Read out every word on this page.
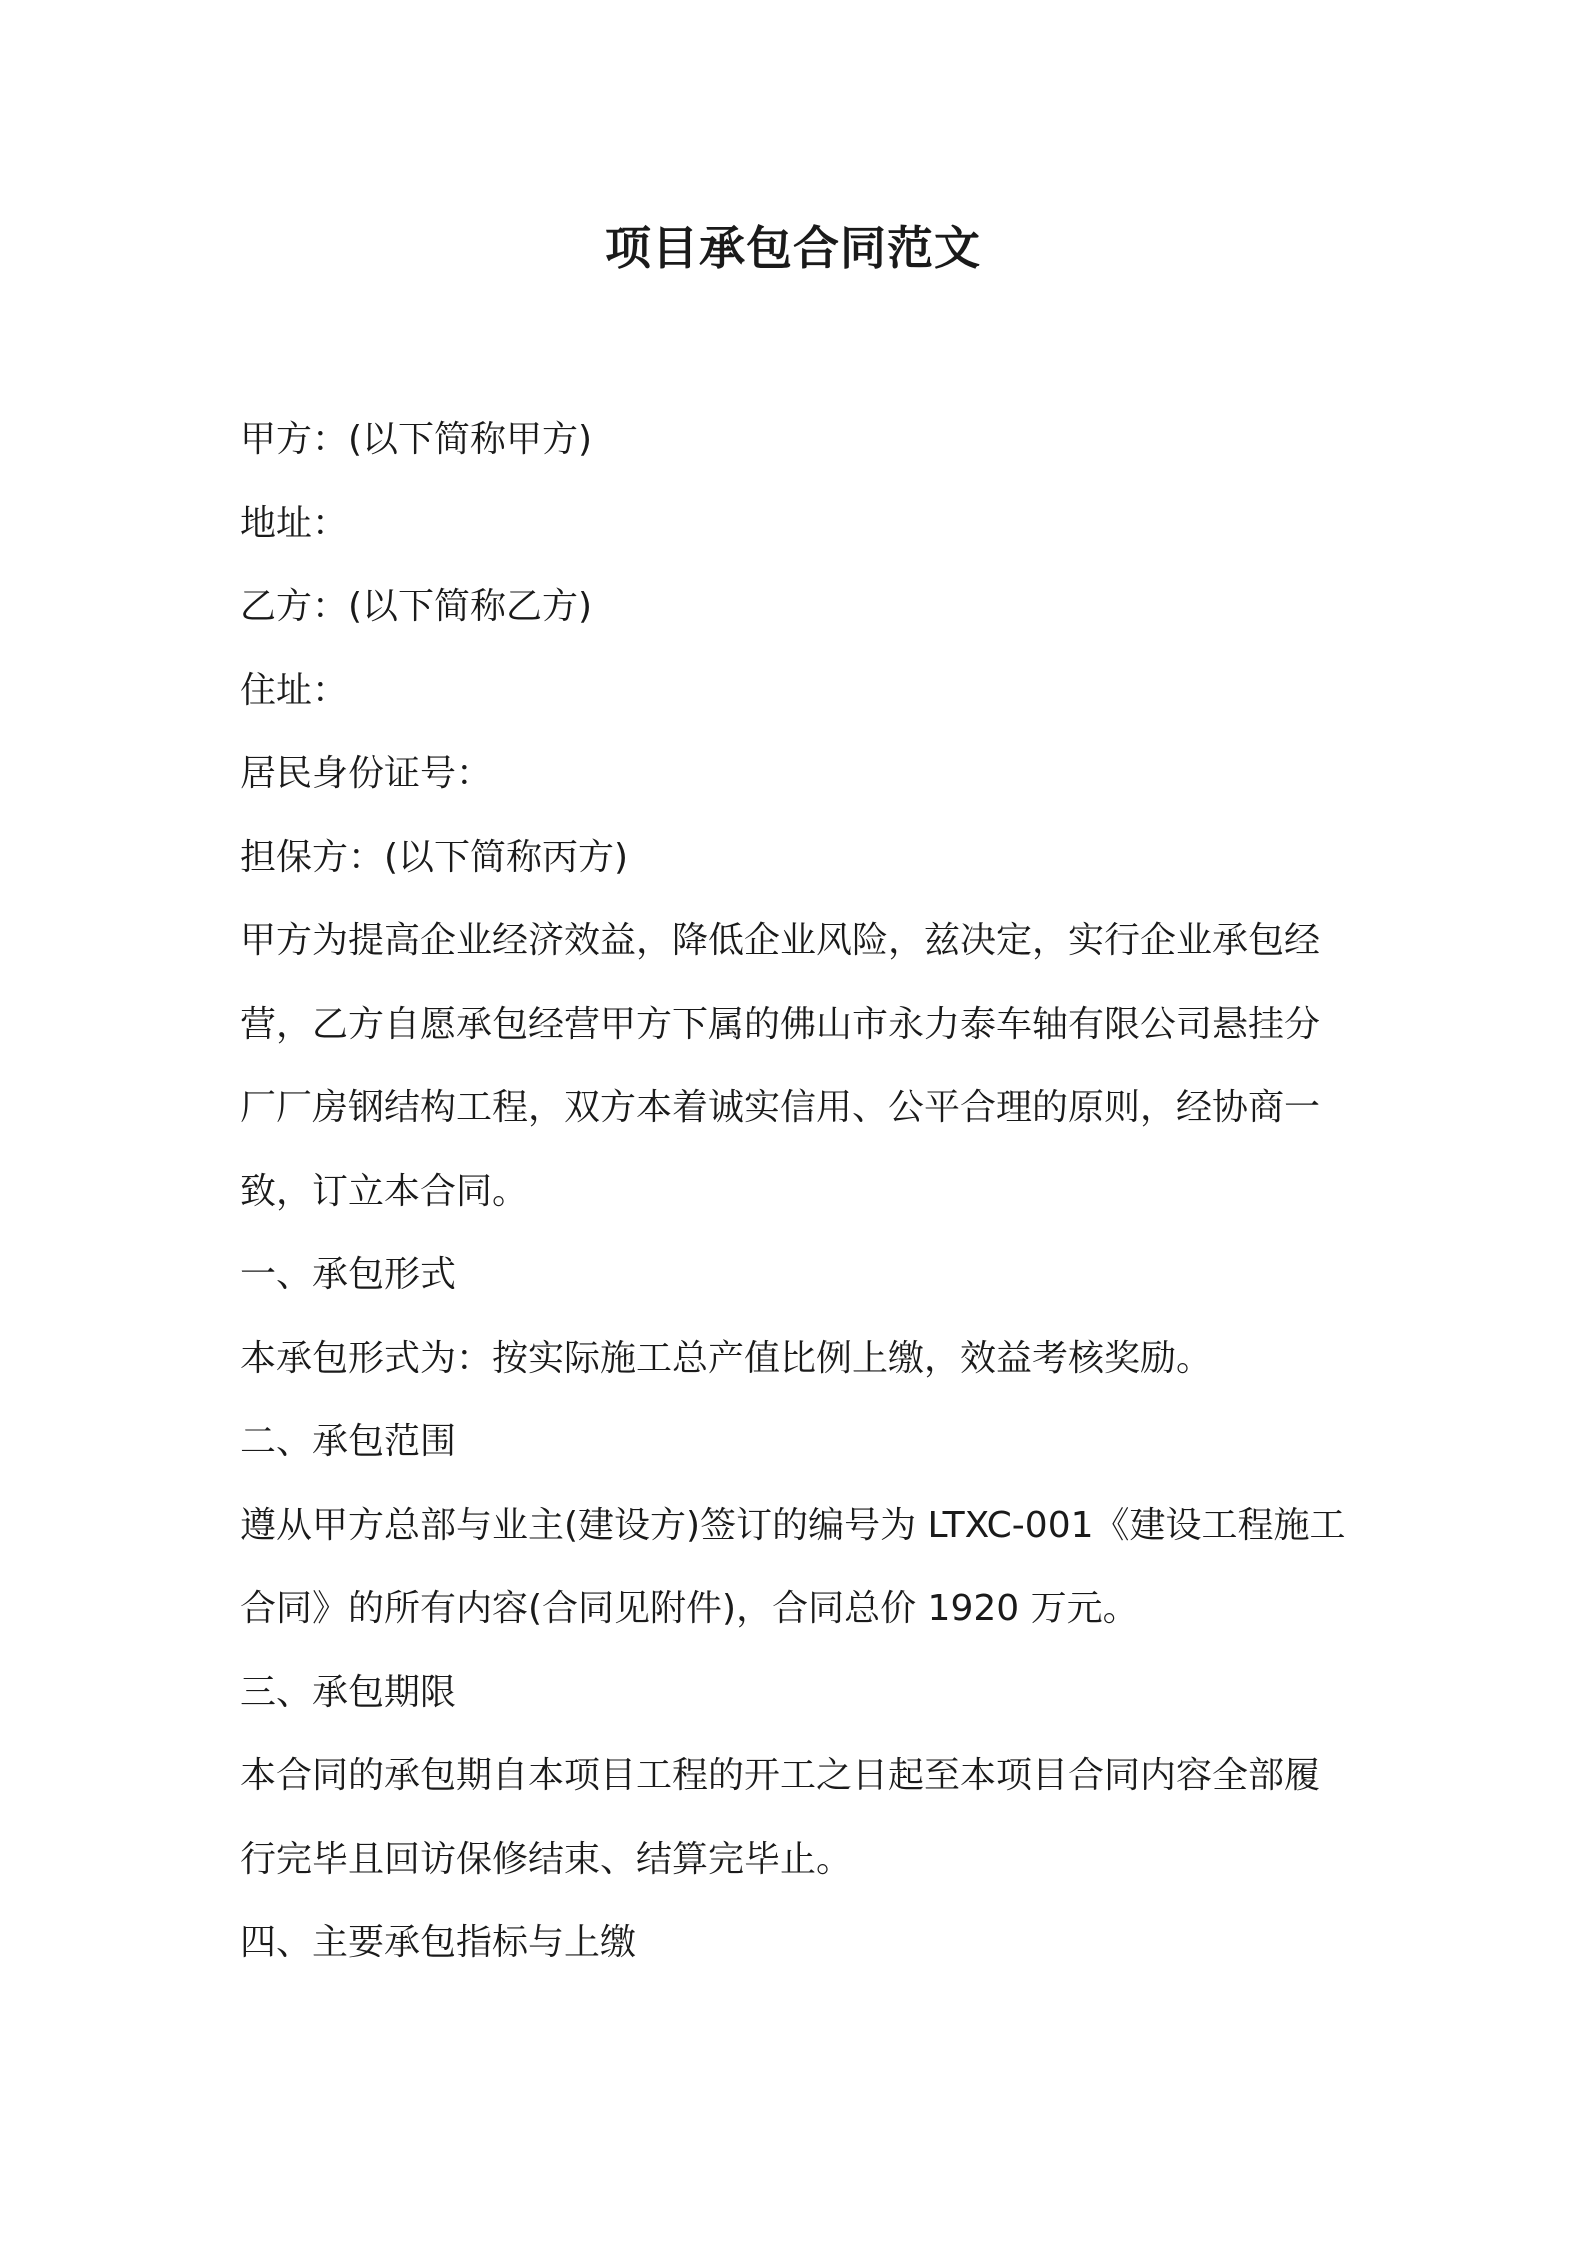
项目承包合同范文

甲方：(以下简称甲方)

地址：

乙方：(以下简称乙方)

住址：

居民身份证号：

担保方：(以下简称丙方)

甲方为提高企业经济效益，降低企业风险，兹决定，实行企业承包经营，乙方自愿承包经营甲方下属的佛山市永力泰车轴有限公司悬挂分厂厂房钢结构工程，双方本着诚实信用、公平合理的原则，经协商一致，订立本合同。

一、承包形式

本承包形式为：按实际施工总产值比例上缴，效益考核奖励。

二、承包范围

遵从甲方总部与业主(建设方)签订的编号为 LTXC-001《建设工程施工合同》的所有内容(合同见附件)，合同总价 1920 万元。

三、承包期限

本合同的承包期自本项目工程的开工之日起至本项目合同内容全部履行完毕且回访保修结束、结算完毕止。

四、主要承包指标与上缴
